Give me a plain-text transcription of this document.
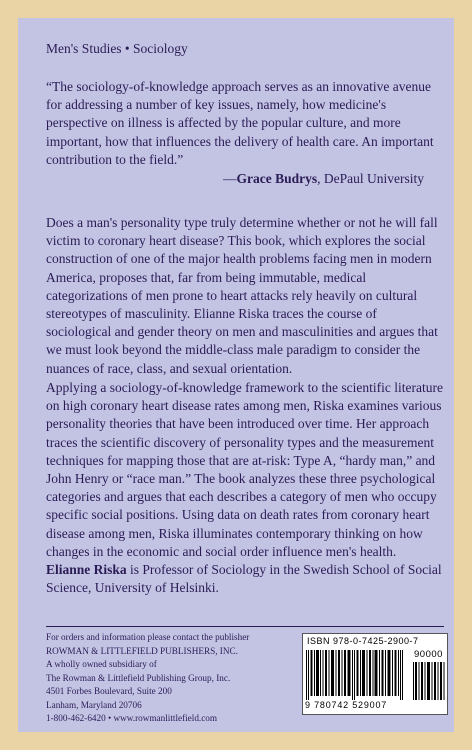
Men's Studies • Sociology

“The sociology-of-knowledge approach serves as an innovative avenue for addressing a number of key issues, namely, how medicine's perspective on illness is affected by the popular culture, and more important, how that influences the delivery of health care. An important contribution to the field.”

—Grace Budrys, DePaul University

Does a man's personality type truly determine whether or not he will fall victim to coronary heart disease? This book, which explores the social construction of one of the major health problems facing men in modern America, proposes that, far from being immutable, medical categorizations of men prone to heart attacks rely heavily on cultural stereotypes of masculinity. Elianne Riska traces the course of sociological and gender theory on men and masculinities and argues that we must look beyond the middle-class male paradigm to consider the nuances of race, class, and sexual orientation.

Applying a sociology-of-knowledge framework to the scientific literature on high coronary heart disease rates among men, Riska examines various personality theories that have been introduced over time. Her approach traces the scientific discovery of personality types and the measurement techniques for mapping those that are at-risk: Type A, “hardy man,” and John Henry or “race man.” The book analyzes these three psychological categories and argues that each describes a category of men who occupy specific social positions. Using data on death rates from coronary heart disease among men, Riska illuminates contemporary thinking on how changes in the economic and social order influence men's health.

Elianne Riska is Professor of Sociology in the Swedish School of Social Science, University of Helsinki.

For orders and information please contact the publisher
ROWMAN & LITTLEFIELD PUBLISHERS, INC.
A wholly owned subsidiary of
The Rowman & Littlefield Publishing Group, Inc.
4501 Forbes Boulevard, Suite 200
Lanham, Maryland 20706
1-800-462-6420 • www.rowmanlittlefield.com
ISBN 978-0-7425-2900-7
90000
9 780742 529007
